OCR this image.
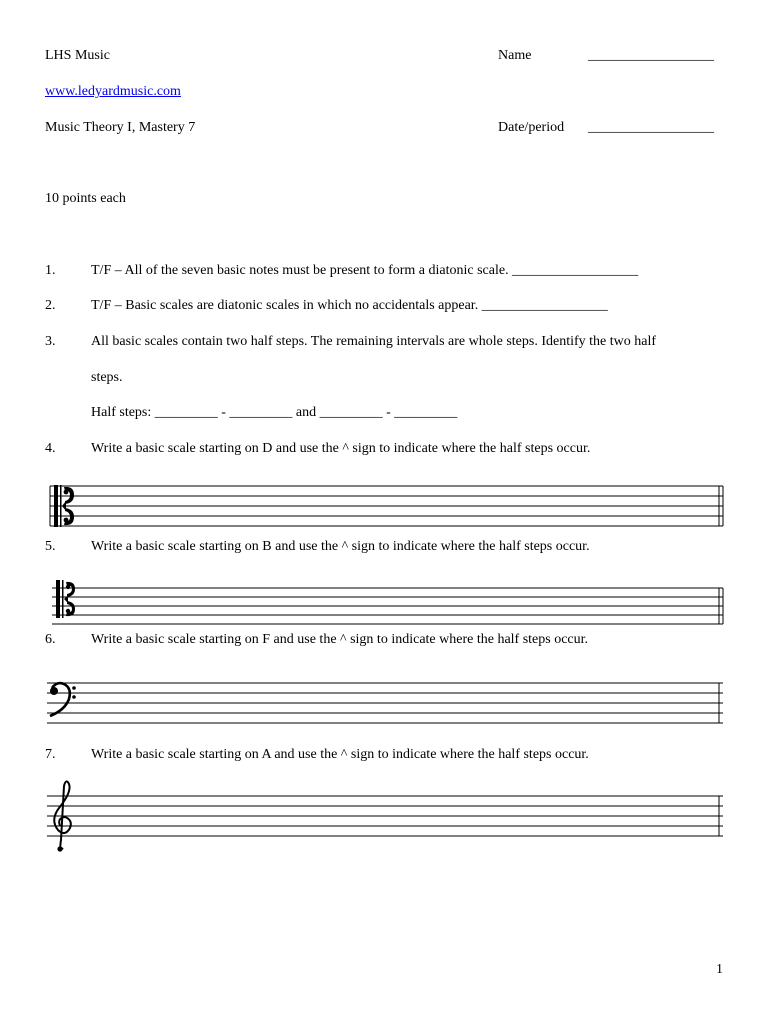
LHS Music	Name	__________________
www.ledyardmusic.com
Music Theory I, Mastery 7	Date/period __________________
10 points each
1.	T/F – All of the seven basic notes must be present to form a diatonic scale. __________________
2.	T/F – Basic scales are diatonic scales in which no accidentals appear. __________________
3.	All basic scales contain two half steps. The remaining intervals are whole steps. Identify the two half
steps.
Half steps: _________ - _________ and _________ - _________
4.	Write a basic scale starting on D and use the ^ sign to indicate where the half steps occur.
5.	Write a basic scale starting on B and use the ^ sign to indicate where the half steps occur.
6.	Write a basic scale starting on F and use the ^ sign to indicate where the half steps occur.
7.	Write a basic scale starting on A and use the ^ sign to indicate where the half steps occur.
1
